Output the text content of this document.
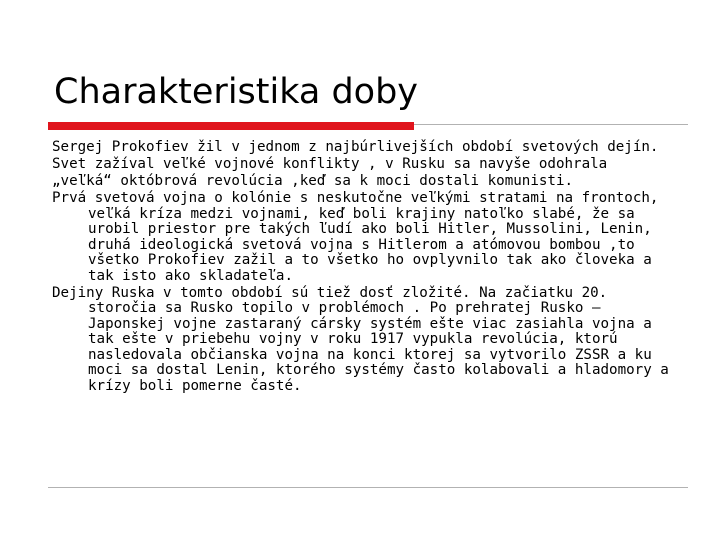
Charakteristika doby

Sergej Prokofiev žil v jednom z najbúrlivejších období svetových dejín.

Svet zažíval veľké vojnové konflikty , v Rusku sa navyše odohrala

„veľká“ októbrová revolúcia ,keď sa k moci dostali komunisti.

Prvá svetová vojna o kolónie s neskutočne veľkými stratami na frontoch, veľká kríza medzi vojnami, keď boli krajiny natoľko slabé, že sa urobil priestor pre takých ľudí ako boli Hitler, Mussolini, Lenin, druhá ideologická svetová vojna s Hitlerom a atómovou bombou ,to všetko Prokofiev zažil a to všetko ho ovplyvnilo tak ako človeka a tak isto ako skladateľa.

Dejiny Ruska v tomto období sú tiež dosť zložité. Na začiatku 20. storočia sa Rusko topilo v problémoch . Po prehratej Rusko – Japonskej vojne zastaraný cársky systém ešte viac zasiahla vojna a tak ešte v priebehu vojny v roku 1917 vypukla revolúcia, ktorú nasledovala občianska vojna na konci ktorej sa vytvorilo ZSSR a ku moci sa dostal Lenin, ktorého systémy často kolabovali a hladomory a krízy boli pomerne časté.
